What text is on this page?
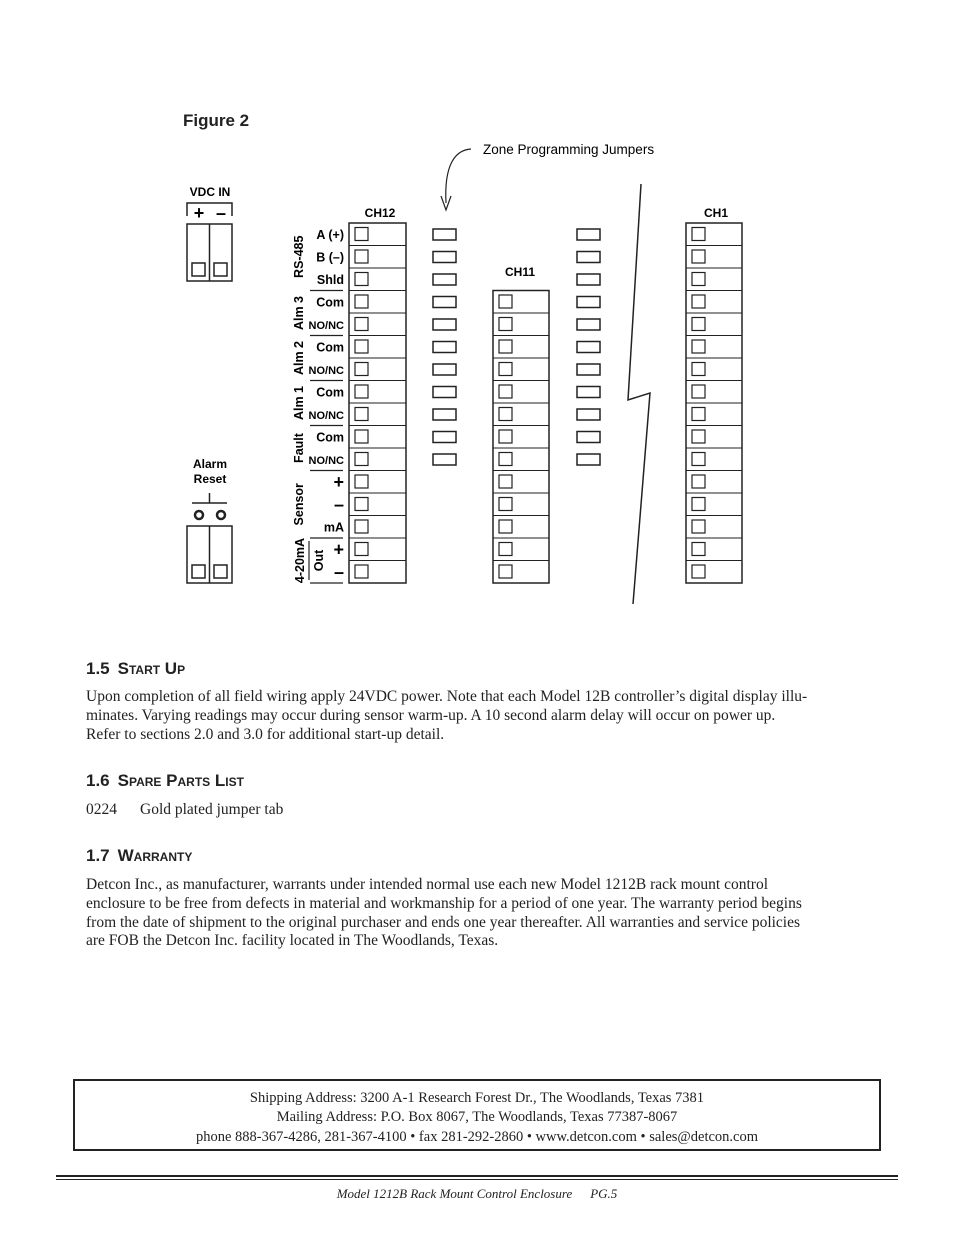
Figure 2
VDC IN
+ –
Alarm
Reset
Zone Programming Jumpers
CH12
CH11
CH1
RS-485
A (+)
B (–)
Shld
Alm 3 Com
NO/NC
Alm 2 Com
NO/NC
Alm 1 Com
NO/NC
Fault Com
NO/NC
Sensor
+
–
mA
4-20mA Out
+
–
1.5 Start Up
Upon completion of all field wiring apply 24VDC power. Note that each Model 12B controller’s digital display illu-
minates. Varying readings may occur during sensor warm-up. A 10 second alarm delay will occur on power up.
Refer to sections 2.0 and 3.0 for additional start-up detail.
1.6 Spare Parts List
0224 Gold plated jumper tab
1.7 Warranty
Detcon Inc., as manufacturer, warrants under intended normal use each new Model 1212B rack mount control
enclosure to be free from defects in material and workmanship for a period of one year. The warranty period begins
from the date of shipment to the original purchaser and ends one year thereafter. All warranties and service policies
are FOB the Detcon Inc. facility located in The Woodlands, Texas.
Shipping Address: 3200 A-1 Research Forest Dr., The Woodlands, Texas 7381
Mailing Address: P.O. Box 8067, The Woodlands, Texas 77387-8067
phone 888-367-4286, 281-367-4100 • fax 281-292-2860 • www.detcon.com • sales@detcon.com
Model 1212B Rack Mount Control Enclosure PG.5
